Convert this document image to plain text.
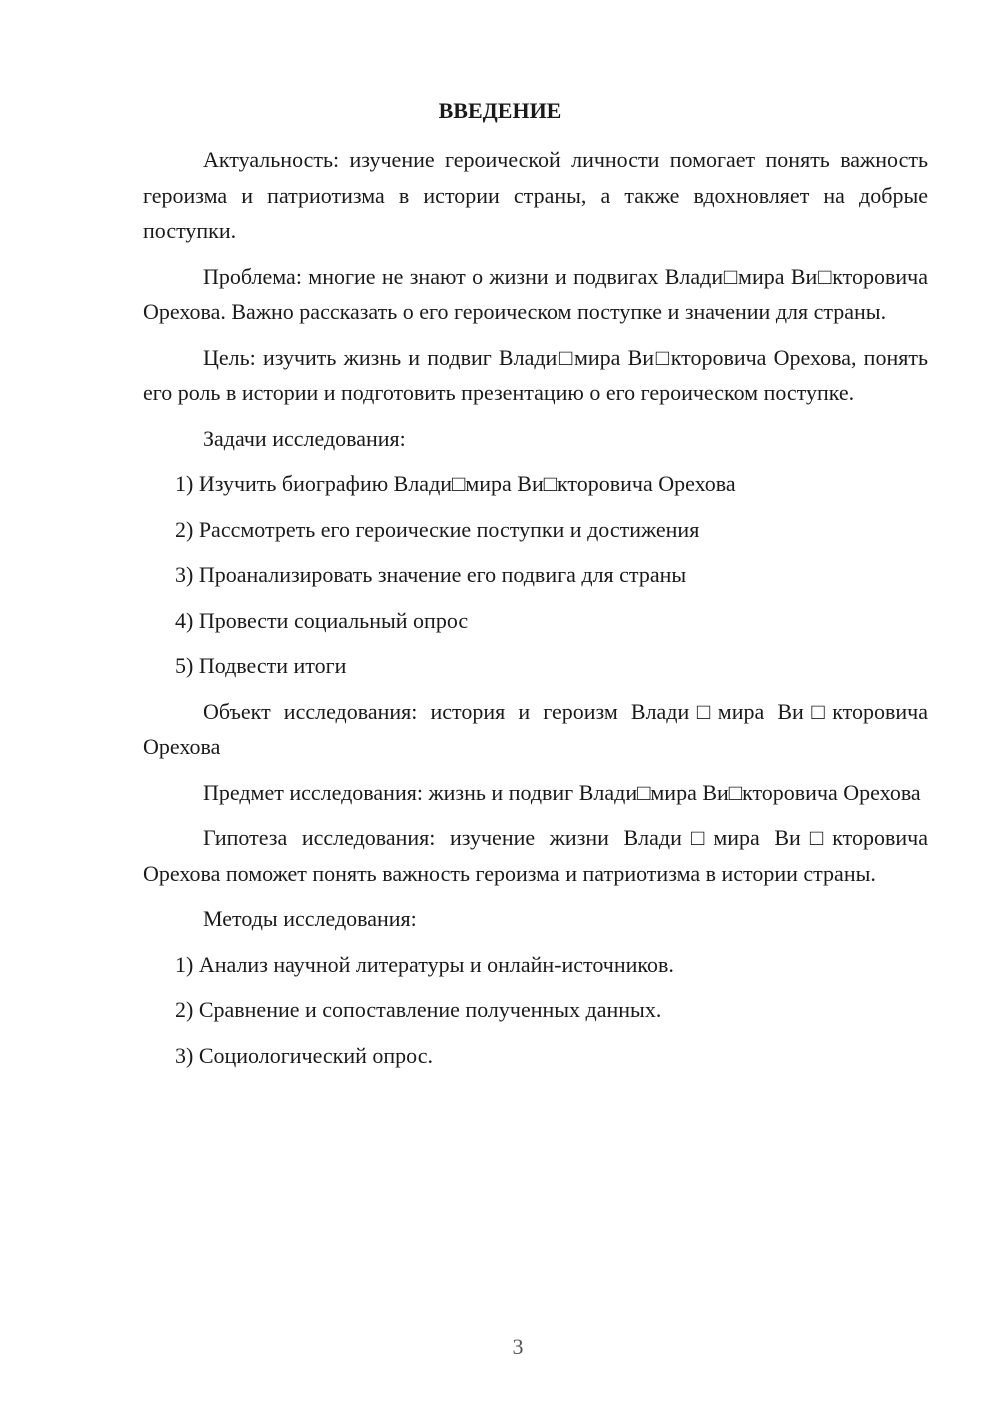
ВВЕДЕНИЕ

Актуальность: изучение героической личности помогает понять важность героизма и патриотизма в истории страны, а также вдохновляет на добрые поступки.

Проблема: многие не знают о жизни и подвигах Влади□мира Ви□кторовича Орехова. Важно рассказать о его героическом поступке и значении для страны.

Цель: изучить жизнь и подвиг Влади□мира Ви□кторовича Орехова, понять его роль в истории и подготовить презентацию о его героическом поступке.

Задачи исследования:

1) Изучить биографию Влади□мира Ви□кторовича Орехова

2) Рассмотреть его героические поступки и достижения

3) Проанализировать значение его подвига для страны

4) Провести социальный опрос

5) Подвести итоги

Объект исследования: история и героизм Влади□мира Ви□кторовича Орехова

Предмет исследования: жизнь и подвиг Влади□мира Ви□кторовича Орехова

Гипотеза исследования: изучение жизни Влади□мира Ви□кторовича Орехова поможет понять важность героизма и патриотизма в истории страны.

Методы исследования:

1) Анализ научной литературы и онлайн-источников.

2) Сравнение и сопоставление полученных данных.

3) Социологический опрос.

3
